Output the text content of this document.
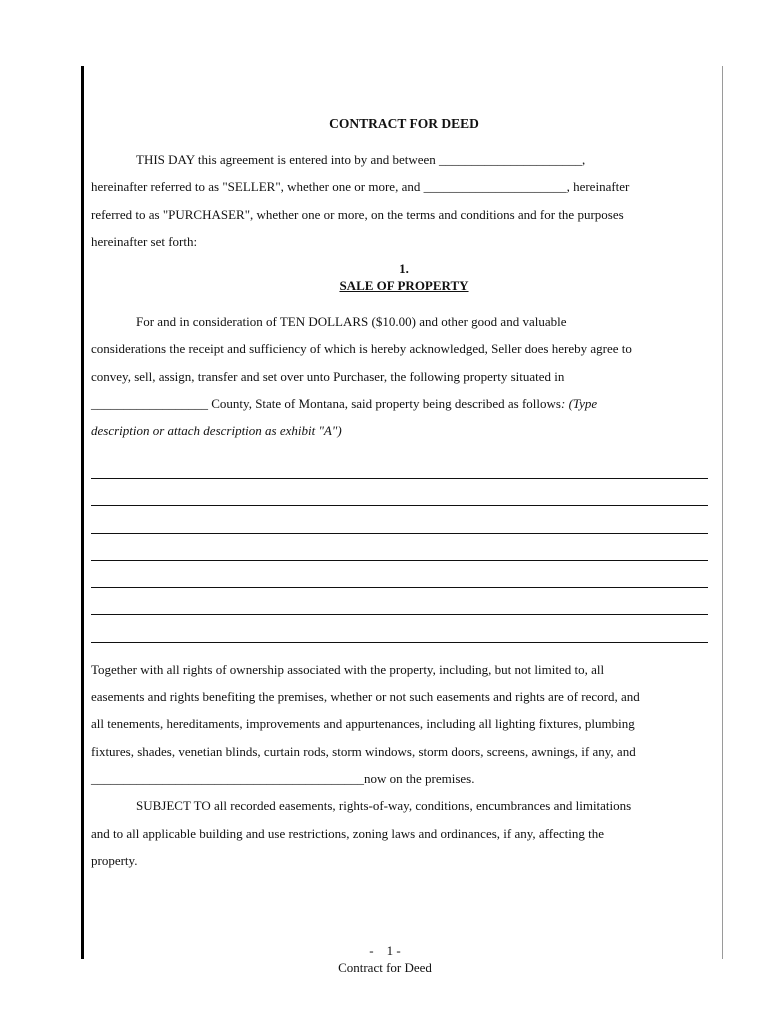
CONTRACT FOR DEED

THIS DAY this agreement is entered into by and between ______________________,

hereinafter referred to as "SELLER", whether one or more, and ______________________, hereinafter

referred to as "PURCHASER", whether one or more, on the terms and conditions and for the purposes

hereinafter set forth:

1.
SALE OF PROPERTY

For and in consideration of TEN DOLLARS ($10.00) and other good and valuable

considerations the receipt and sufficiency of which is hereby acknowledged, Seller does hereby agree to

convey, sell, assign, transfer and set over unto Purchaser, the following property situated in

__________________ County, State of Montana, said property being described as follows: (Type

description or attach description as exhibit "A")

Together with all rights of ownership associated with the property, including, but not limited to, all

easements and rights benefiting the premises, whether or not such easements and rights are of record, and

all tenements, hereditaments, improvements and appurtenances, including all lighting fixtures, plumbing

fixtures, shades, venetian blinds, curtain rods, storm windows, storm doors, screens, awnings, if any, and

__________________________________________now on the premises.

SUBJECT TO all recorded easements, rights-of-way, conditions, encumbrances and limitations

and to all applicable building and use restrictions, zoning laws and ordinances, if any, affecting the

property.

-    1 -
Contract for Deed
